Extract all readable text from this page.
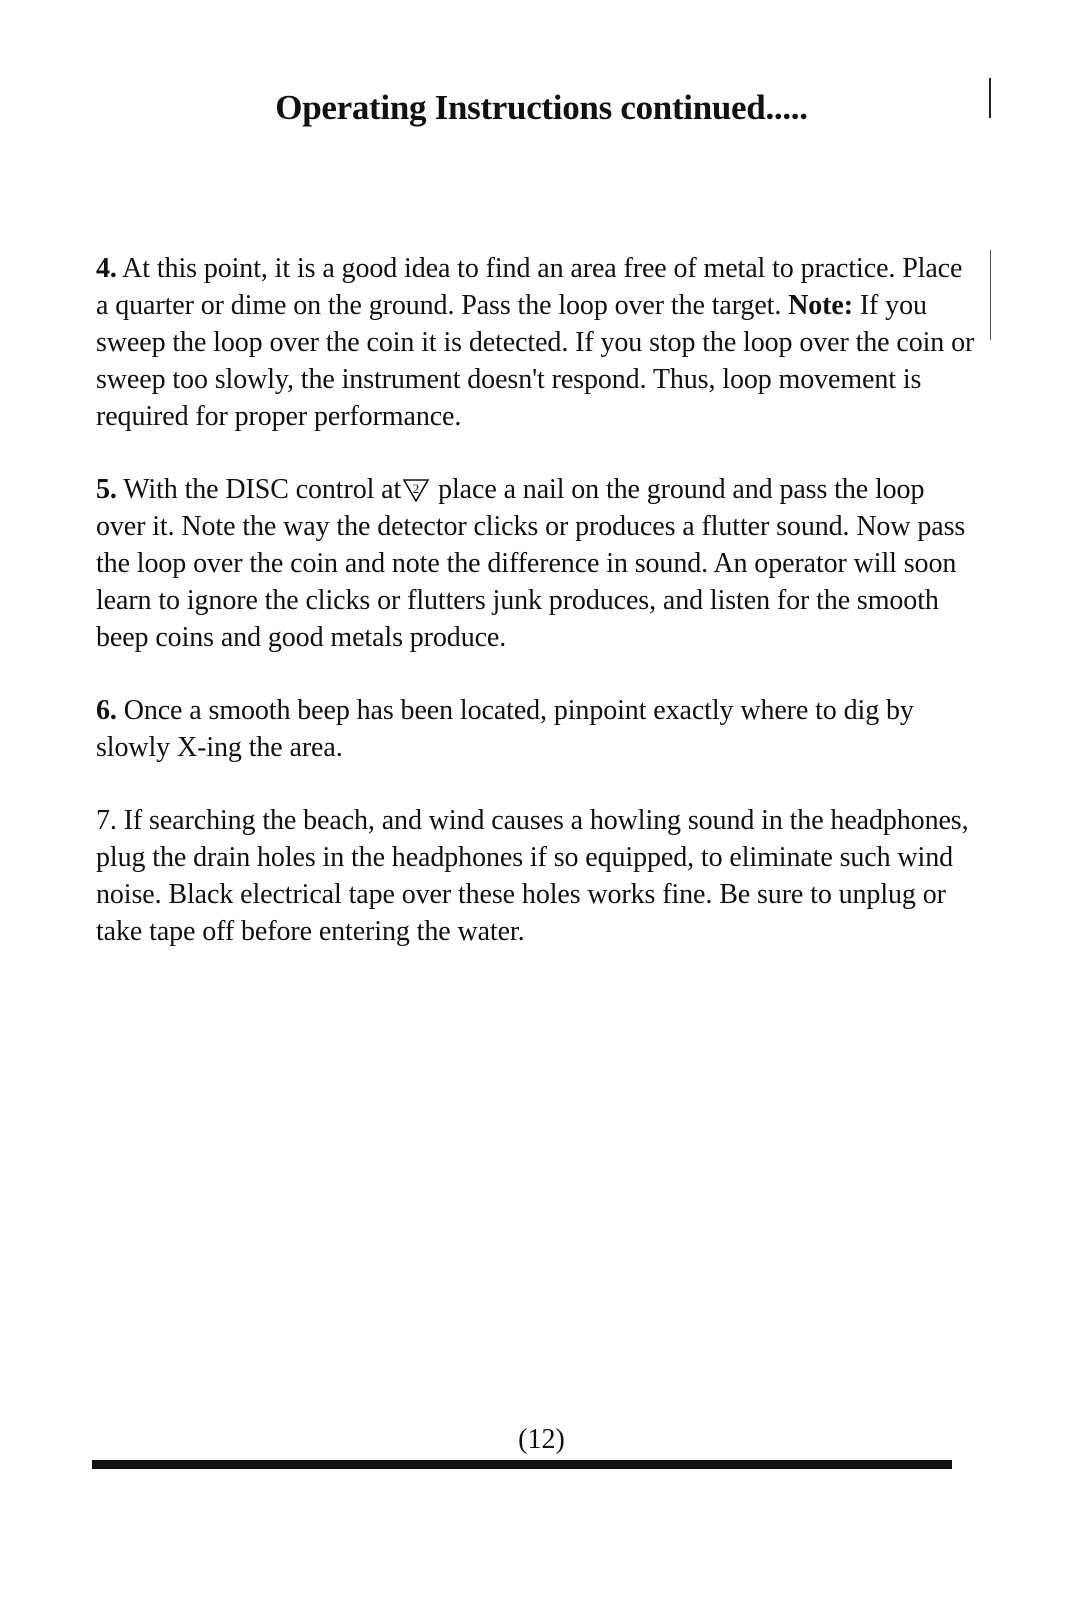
Operating Instructions continued.....

4. At this point, it is a good idea to find an area free of metal to practice. Place a quarter or dime on the ground. Pass the loop over the target. Note: If you sweep the loop over the coin it is detected. If you stop the loop over the coin or sweep too slowly, the instrument doesn't respond. Thus, loop movement is required for proper performance.

5. With the DISC control at 2 place a nail on the ground and pass the loop over it. Note the way the detector clicks or produces a flutter sound. Now pass the loop over the coin and note the difference in sound. An operator will soon learn to ignore the clicks or flutters junk produces, and listen for the smooth beep coins and good metals produce.

6. Once a smooth beep has been located, pinpoint exactly where to dig by slowly X-ing the area.

7. If searching the beach, and wind causes a howling sound in the headphones, plug the drain holes in the headphones if so equipped, to eliminate such wind noise. Black electrical tape over these holes works fine. Be sure to unplug or take tape off before entering the water.

(12)
